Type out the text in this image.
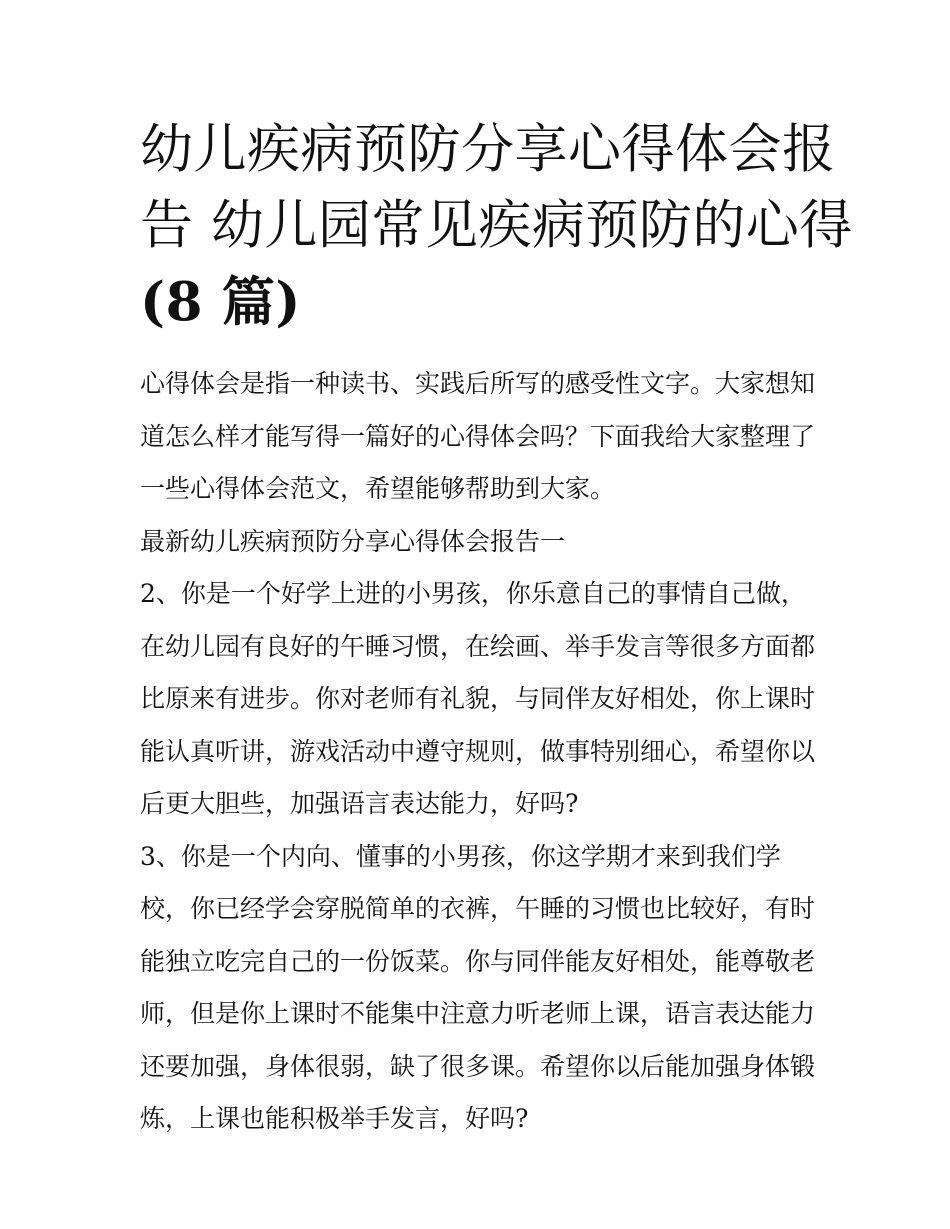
幼儿疾病预防分享心得体会报
告 幼儿园常见疾病预防的心得
(8 篇)

心得体会是指一种读书、实践后所写的感受性文字。大家想知

道怎么样才能写得一篇好的心得体会吗？下面我给大家整理了

一些心得体会范文，希望能够帮助到大家。

最新幼儿疾病预防分享心得体会报告一

2、你是一个好学上进的小男孩，你乐意自己的事情自己做，

在幼儿园有良好的午睡习惯，在绘画、举手发言等很多方面都

比原来有进步。你对老师有礼貌，与同伴友好相处，你上课时

能认真听讲，游戏活动中遵守规则，做事特别细心，希望你以

后更大胆些，加强语言表达能力，好吗?

3、你是一个内向、懂事的小男孩，你这学期才来到我们学

校，你已经学会穿脱简单的衣裤，午睡的习惯也比较好，有时

能独立吃完自己的一份饭菜。你与同伴能友好相处，能尊敬老

师，但是你上课时不能集中注意力听老师上课，语言表达能力

还要加强，身体很弱，缺了很多课。希望你以后能加强身体锻

炼，上课也能积极举手发言，好吗?
